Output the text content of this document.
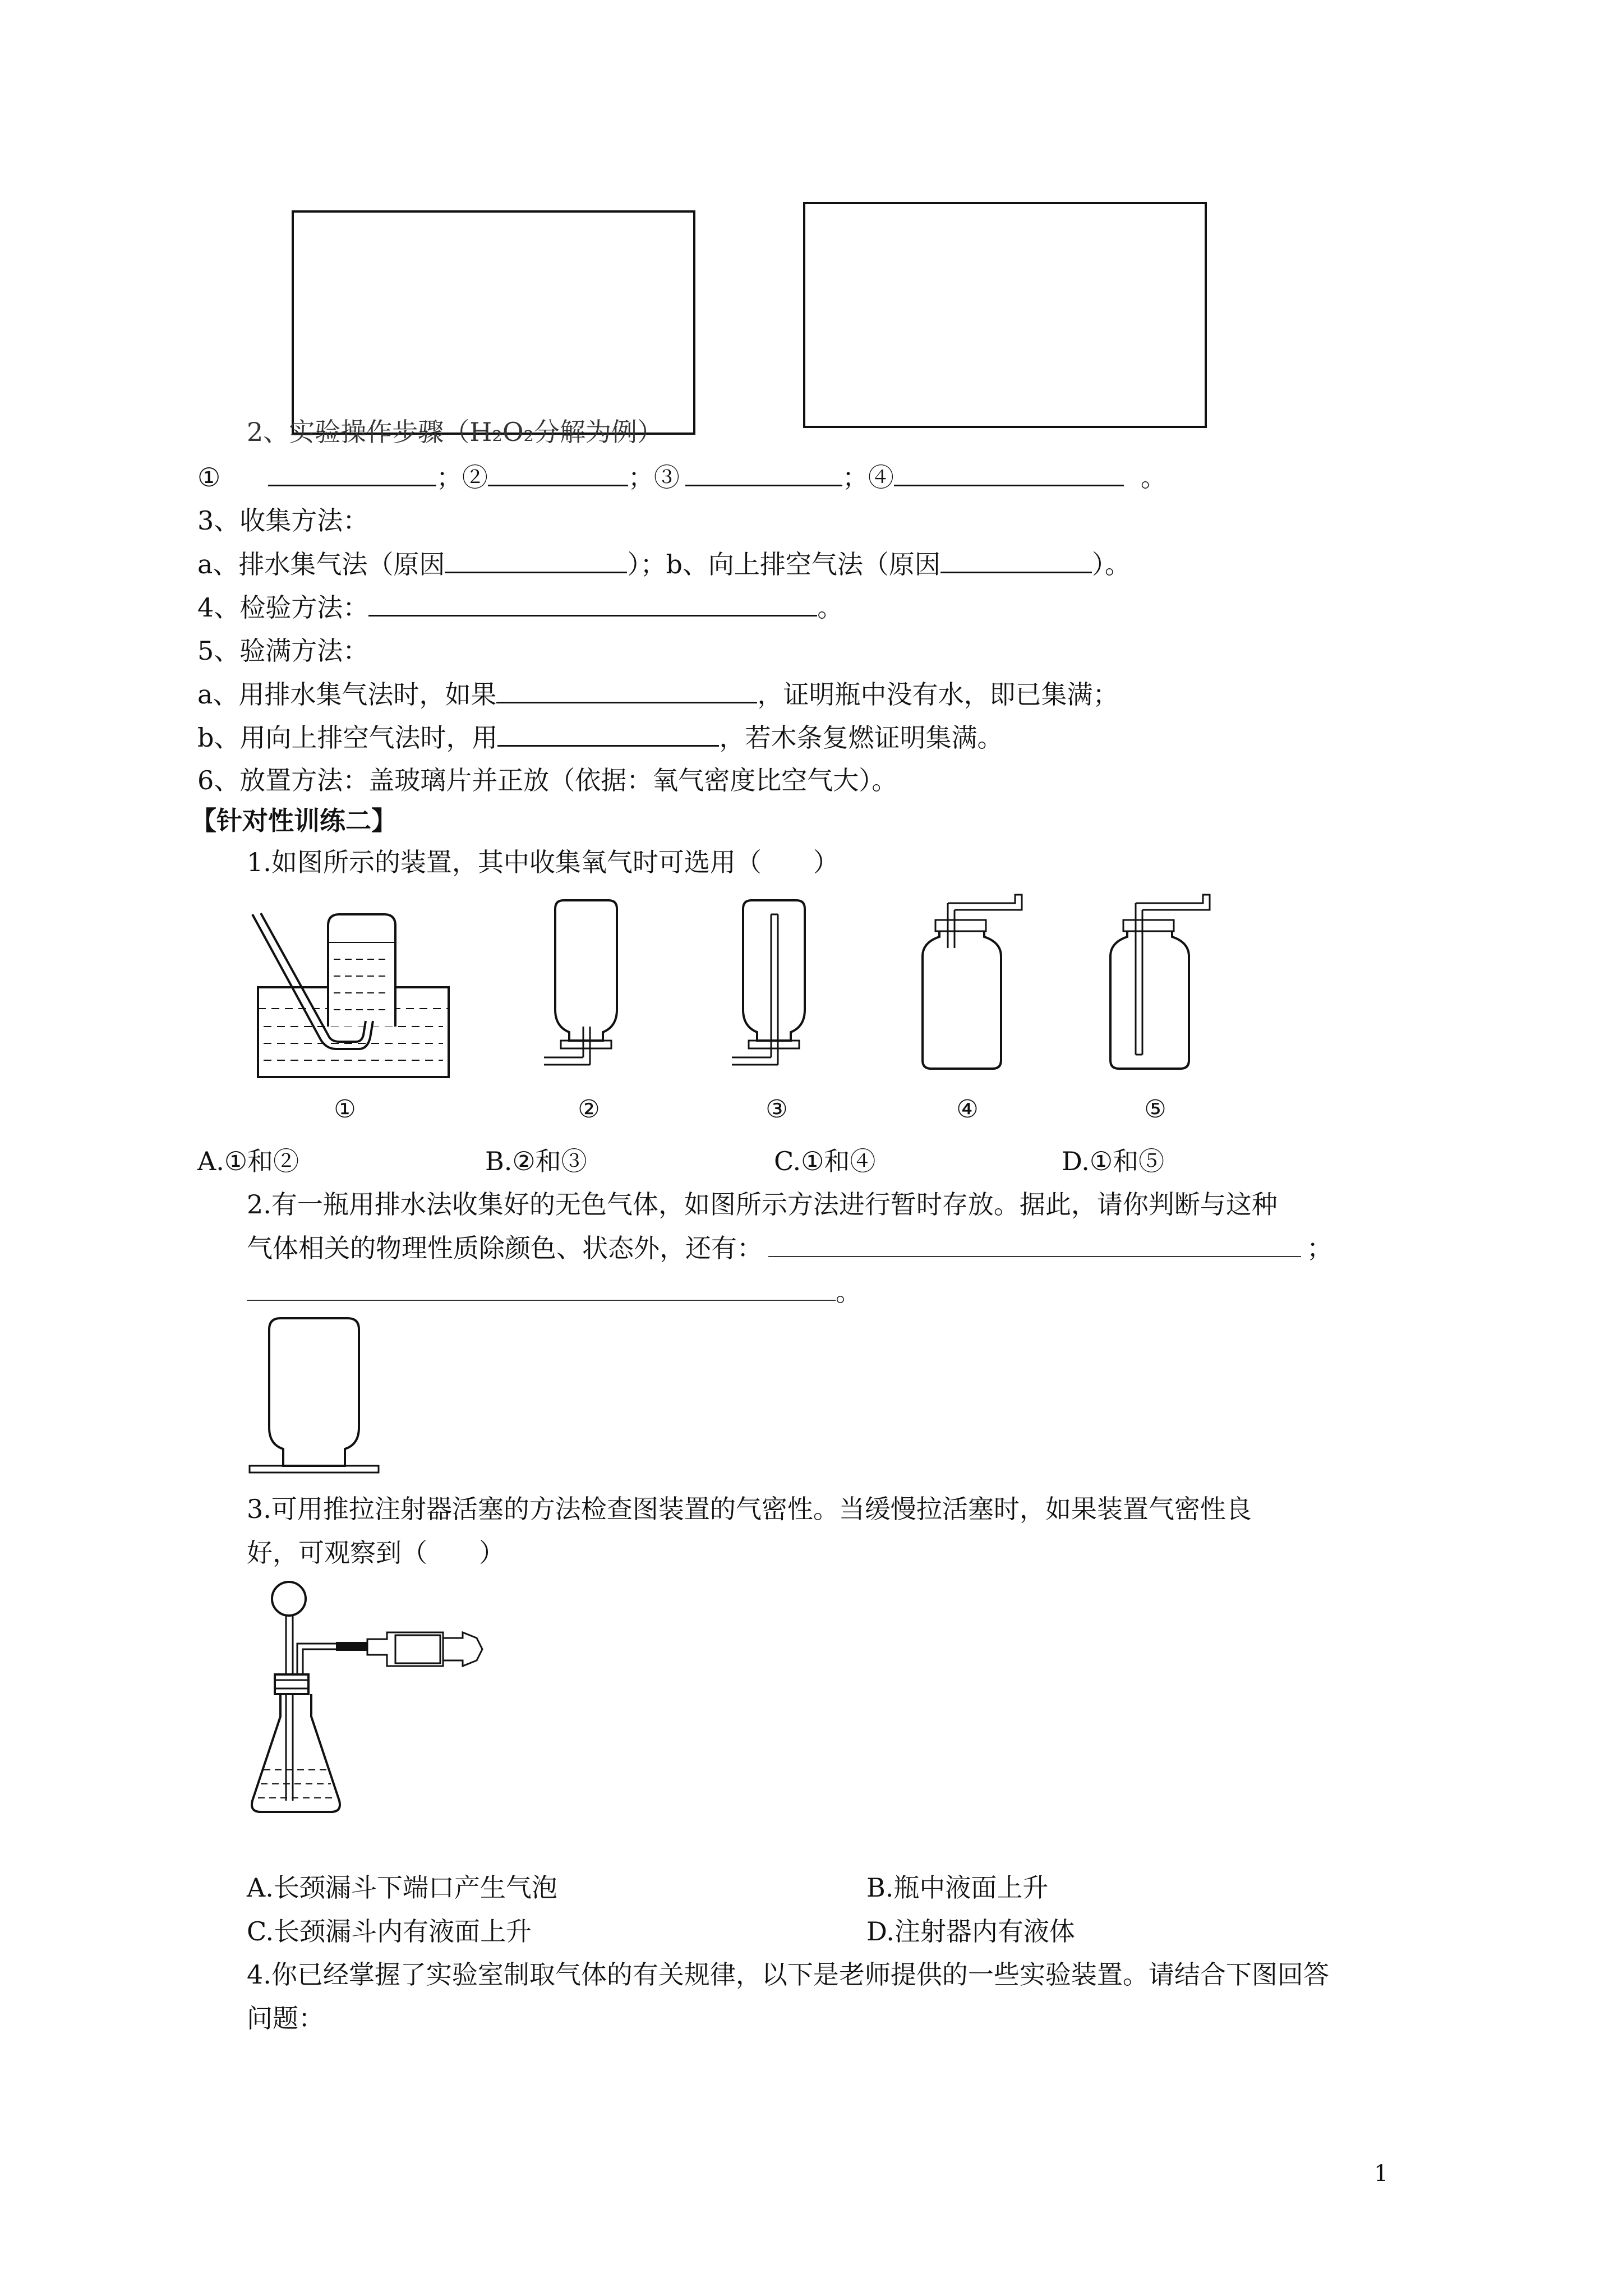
2、实验操作步骤（H₂O₂分解为例）
①	；②	；③	；④	。
3、收集方法：
a、排水集气法（原因	）；b、向上排空气法（原因	）。
4、检验方法：	。
5、验满方法：
a、用排水集气法时，如果	，证明瓶中没有水，即已集满；
b、用向上排空气法时，用	，若木条复燃证明集满。
6、放置方法：盖玻璃片并正放（依据：氧气密度比空气大）。
【针对性训练二】
1.如图所示的装置，其中收集氧气时可选用（　　）
①	②	③	④	⑤
A.①和②	B.②和③	C.①和④	D.①和⑤
2.有一瓶用排水法收集好的无色气体，如图所示方法进行暂时存放。据此，请你判断与这种
气体相关的物理性质除颜色、状态外，还有：	；
。
3.可用推拉注射器活塞的方法检查图装置的气密性。当缓慢拉活塞时，如果装置气密性良
好，可观察到（　　）
A.长颈漏斗下端口产生气泡	B.瓶中液面上升
C.长颈漏斗内有液面上升	D.注射器内有液体
4.你已经掌握了实验室制取气体的有关规律，以下是老师提供的一些实验装置。请结合下图回答
问题：
1
